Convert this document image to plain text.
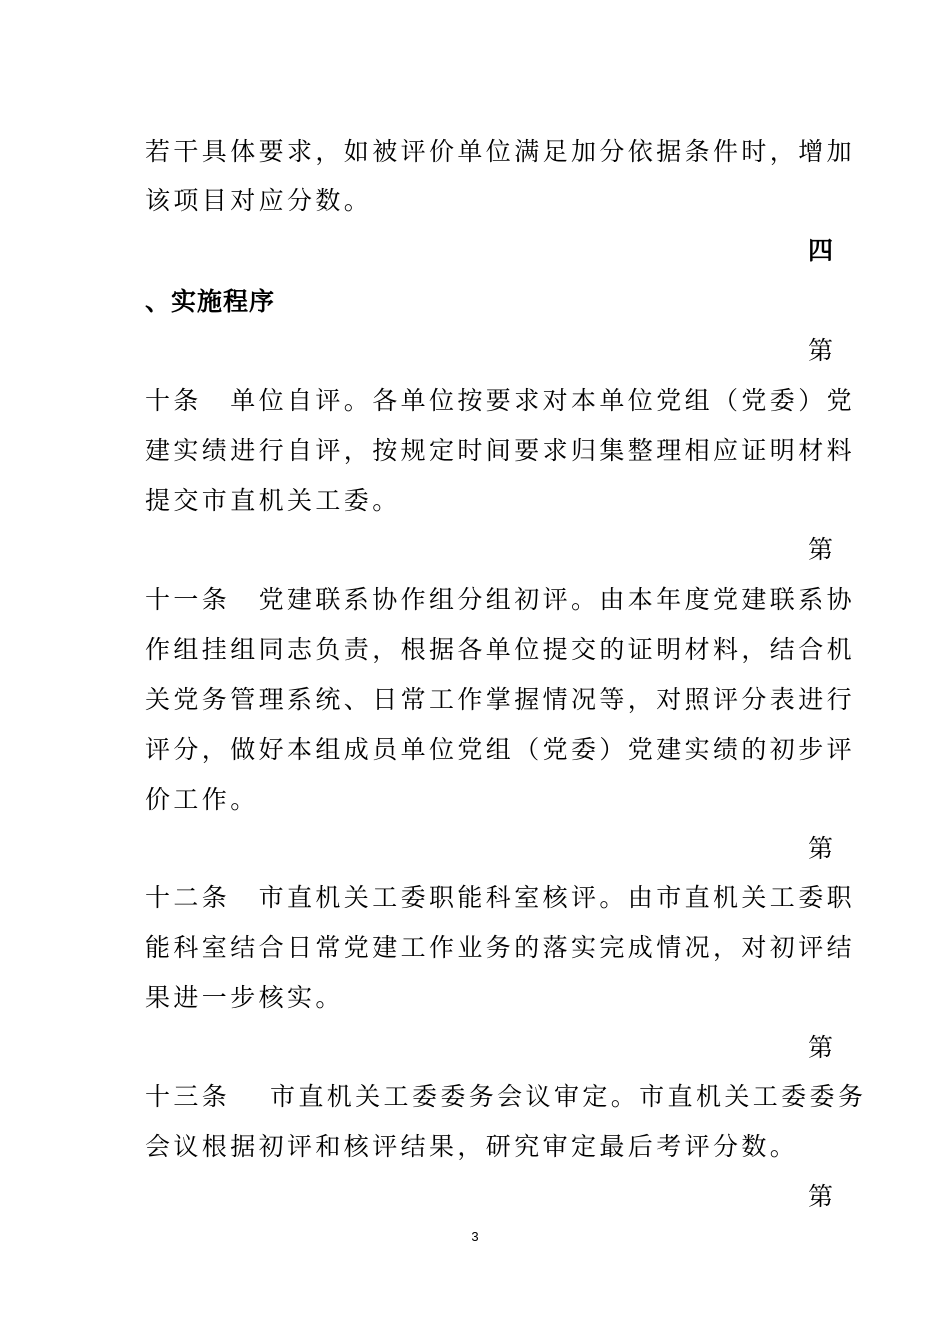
若干具体要求，如被评价单位满足加分依据条件时，增加
该项目对应分数。
四
、实施程序
第
十条　单位自评。各单位按要求对本单位党组（党委）党
建实绩进行自评，按规定时间要求归集整理相应证明材料
提交市直机关工委。
第
十一条　党建联系协作组分组初评。由本年度党建联系协
作组挂组同志负责，根据各单位提交的证明材料，结合机
关党务管理系统、日常工作掌握情况等，对照评分表进行
评分，做好本组成员单位党组（党委）党建实绩的初步评
价工作。
第
十二条　市直机关工委职能科室核评。由市直机关工委职
能科室结合日常党建工作业务的落实完成情况，对初评结
果进一步核实。
第
十三条　 市直机关工委委务会议审定。市直机关工委委务
会议根据初评和核评结果，研究审定最后考评分数。
第
3
